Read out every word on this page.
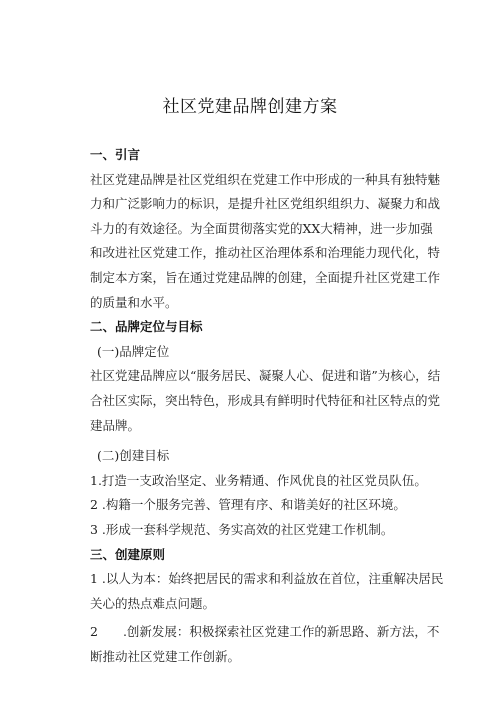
社区党建品牌创建方案

一、引言

社区党建品牌是社区党组织在党建工作中形成的一种具有独特魅力和广泛影响力的标识，是提升社区党组织组织力、凝聚力和战斗力的有效途径。为全面贯彻落实党的XX大精神，进一步加强和改进社区党建工作，推动社区治理体系和治理能力现代化，特制定本方案，旨在通过党建品牌的创建，全面提升社区党建工作的质量和水平。

二、品牌定位与目标

(一)品牌定位

社区党建品牌应以“服务居民、凝聚人心、促进和谐”为核心，结合社区实际，突出特色，形成具有鲜明时代特征和社区特点的党建品牌。

(二)创建目标

1.打造一支政治坚定、业务精通、作风优良的社区党员队伍。

2 .构籍一个服务完善、管理有序、和谐美好的社区环境。

3 .形成一套科学规范、务实高效的社区党建工作机制。

三、创建原则

1 .以人为本：始终把居民的需求和利益放在首位，注重解决居民关心的热点难点问题。

2　　.创新发展：积极探索社区党建工作的新思路、新方法，不断推动社区党建工作创新。
